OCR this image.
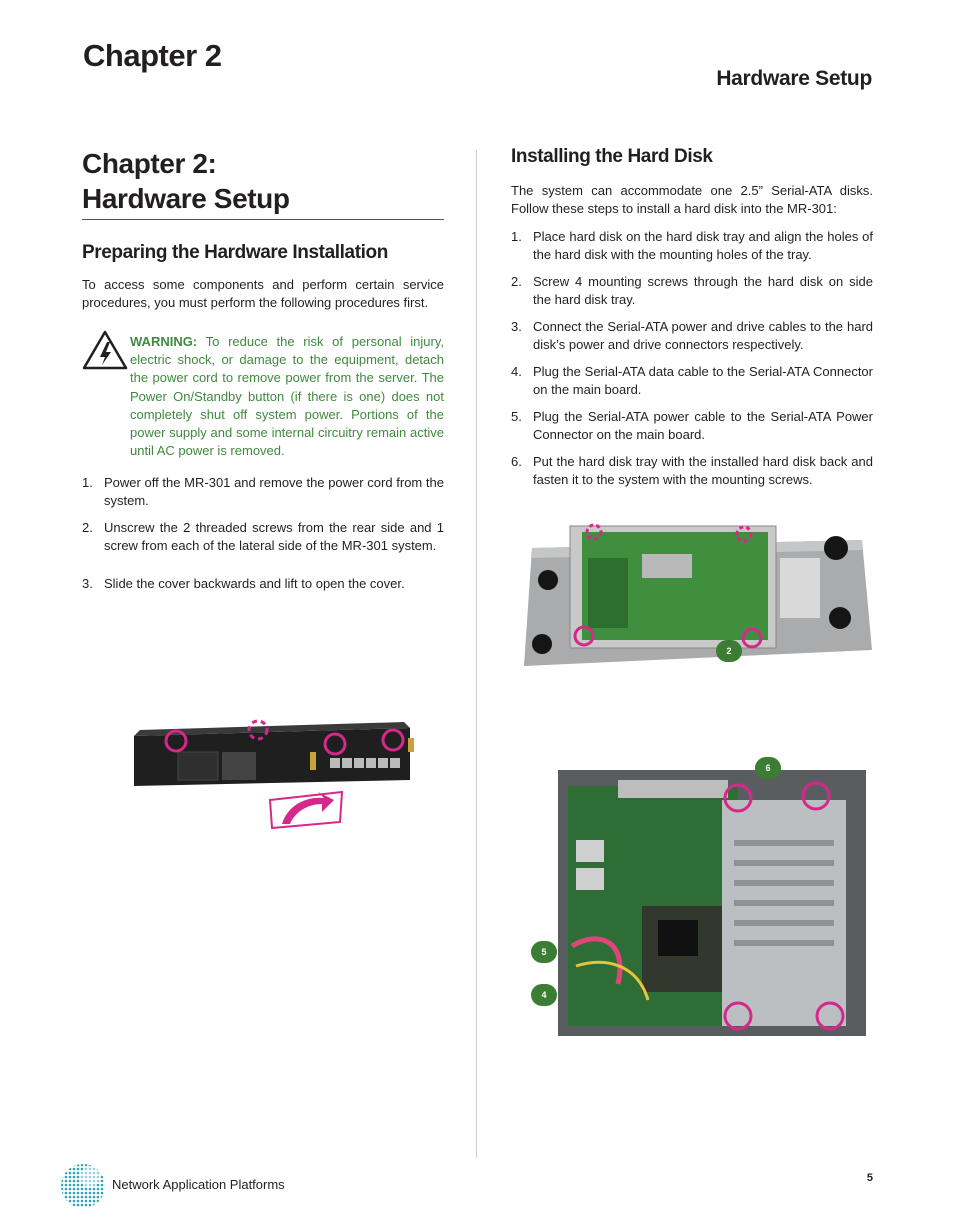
Chapter 2
Hardware Setup
Chapter 2:
Hardware Setup
Preparing the Hardware Installation

To access some components and perform certain service procedures, you must perform the following procedures first.

WARNING: To reduce the risk of personal injury, electric shock, or damage to the equipment, detach the power cord to remove power from the server. The Power On/Standby button (if there is one) does not completely shut off system power. Portions of the power supply and some internal circuitry remain active until AC power is removed.
1. Power off the MR-301 and remove the power cord from the system.

2. Unscrew the 2 threaded screws from the rear side and 1 screw from each of the lateral side of the MR-301 system.

3. Slide the cover backwards and lift to open the cover.

Installing the Hard Disk

The system can accommodate one 2.5” Serial-ATA disks. Follow these steps to install a hard disk into the MR-301:

1. Place hard disk on the hard disk tray and align the holes of the hard disk with the mounting holes of the tray.

2. Screw 4 mounting screws through the hard disk on side the hard disk tray.

3. Connect the Serial-ATA power and drive cables to the hard disk’s power and drive connectors respectively.

4. Plug the Serial-ATA data cable to the Serial-ATA Connector on the main board.

5. Plug the Serial-ATA power cable to the Serial-ATA Power Connector on the main board.

6. Put the hard disk tray with the installed hard disk back and fasten it to the system with the mounting screws.

2
6
5
4
Network Application Platforms	5
